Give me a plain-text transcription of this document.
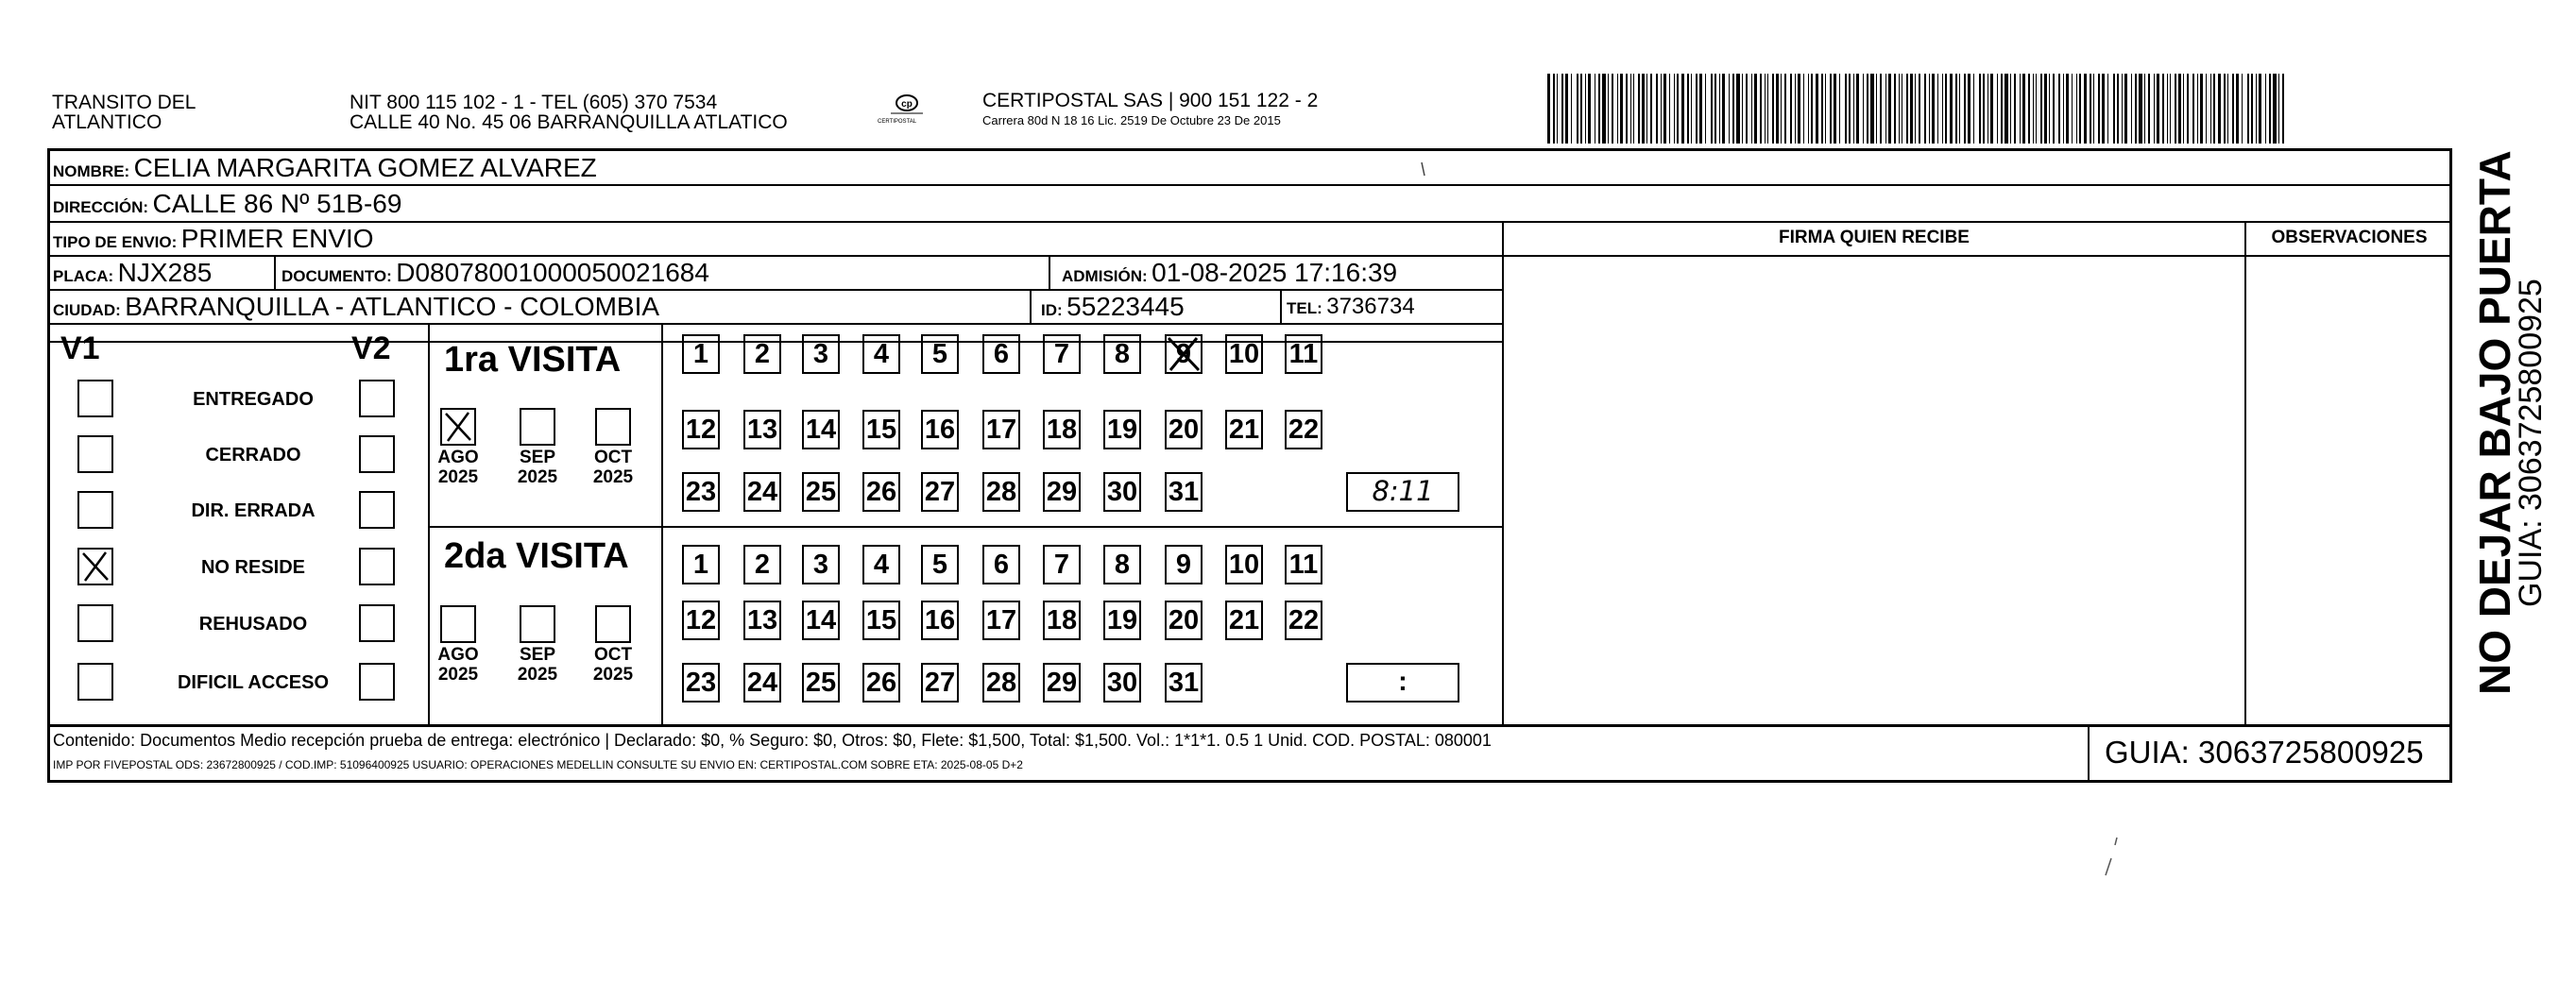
TRANSITO DEL
ATLANTICO
NIT 800 115 102 - 1 - TEL (605) 370 7534
CALLE 40 No. 45 06 BARRANQUILLA ATLATICO
cp
CERTIPOSTAL
CERTIPOSTAL SAS | 900 151 122 - 2
Carrera 80d N 18 16 Lic. 2519 De Octubre 23 De 2015
NOMBRE: CELIA MARGARITA GOMEZ ALVAREZ
DIRECCIÓN: CALLE 86 Nº 51B-69
TIPO DE ENVIO: PRIMER ENVIO
PLACA: NJX285	DOCUMENTO: D08078001000050021684	ADMISIÓN: 01-08-2025 17:16:39
CIUDAD: BARRANQUILLA - ATLANTICO - COLOMBIA	ID: 55223445	TEL: 3736734
FIRMA QUIEN RECIBE	OBSERVACIONES
V1	V2 1ra VISITA
2da VISITA
Contenido: Documentos Medio recepción prueba de entrega: electrónico | Declarado: $0, % Seguro: $0, Otros: $0, Flete: $1,500, Total: $1,500. Vol.: 1*1*1. 0.5 1 Unid. COD. POSTAL: 080001
IMP POR FIVEPOSTAL ODS: 23672800925 / COD.IMP: 51096400925 USUARIO: OPERACIONES MEDELLIN CONSULTE SU ENVIO EN: CERTIPOSTAL.COM SOBRE ETA: 2025-08-05 D+2	GUIA: 3063725800925
NO DEJAR BAJO PUERTA
GUIA: 3063725800925
ENTREGADO
CERRADO
DIR. ERRADA
NO RESIDE
REHUSADO
DIFICIL ACCESO
AGO
2025
SEP
2025
OCT
2025
AGO
2025
SEP
2025
OCT
2025
1	2	3	4	5	6	7	8	9	10 11
12 13 14 15 16 17 18 19 20 21 22
23 24 25 26 27 28 29 30 31	8:11
1	2	3	4	5	6	7	8	9	10 11
12 13 14 15 16 17 18 19 20 21 22
23 24 25 26 27 28 29 30 31	:
